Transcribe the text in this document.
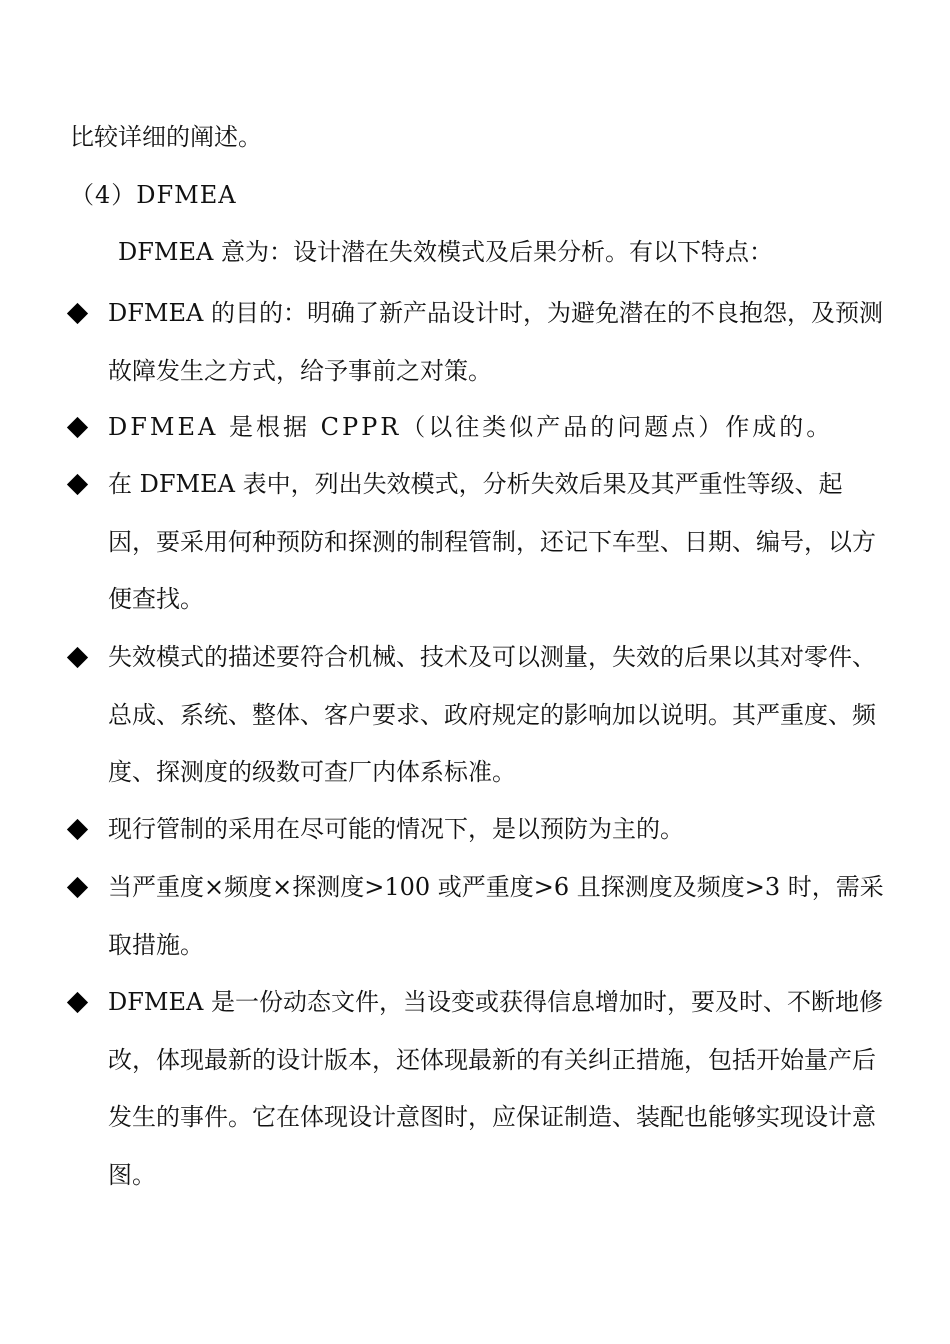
比较详细的阐述。
（4）DFMEA
DFMEA 意为：设计潜在失效模式及后果分析。有以下特点：
DFMEA 的目的：明确了新产品设计时，为避免潜在的不良抱怨，及预测故障发生之方式，给予事前之对策。
DFMEA 是根据 CPPR（以往类似产品的问题点）作成的。
在 DFMEA 表中，列出失效模式，分析失效后果及其严重性等级、起因，要采用何种预防和探测的制程管制，还记下车型、日期、编号，以方便查找。
失效模式的描述要符合机械、技术及可以测量，失效的后果以其对零件、总成、系统、整体、客户要求、政府规定的影响加以说明。其严重度、频度、探测度的级数可查厂内体系标准。
现行管制的采用在尽可能的情况下，是以预防为主的。
当严重度×频度×探测度>100 或严重度>6 且探测度及频度>3 时，需采取措施。
DFMEA 是一份动态文件，当设变或获得信息增加时，要及时、不断地修改，体现最新的设计版本，还体现最新的有关纠正措施，包括开始量产后发生的事件。它在体现设计意图时，应保证制造、装配也能够实现设计意图。
